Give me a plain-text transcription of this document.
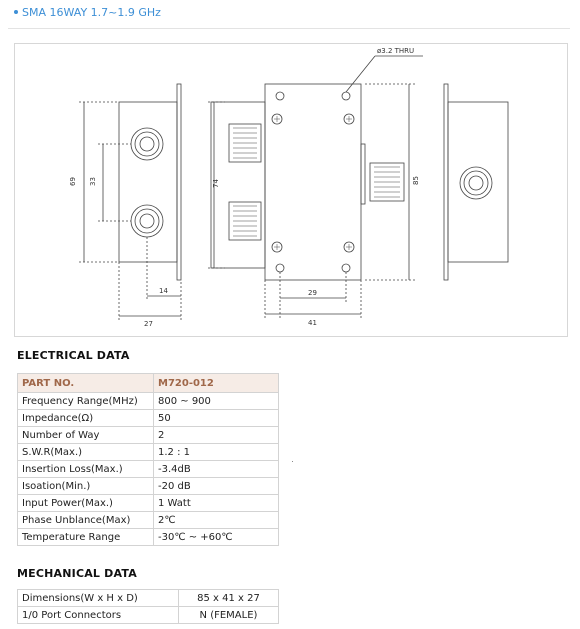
SMA 16WAY 1.7~1.9 GHz
ø3.2 THRU
69 33
14
27
74	85
29
41
ELECTRICAL DATA
PART NO.	M720-012
Frequency Range(MHz)	800 ~ 900
Impedance(Ω)	50
Number of Way	2
S.W.R(Max.)	1.2 : 1
Insertion Loss(Max.)	-3.4dB
Isoation(Min.)	-20 dB
Input Power(Max.)	1 Watt
Phase Unblance(Max)	2℃
Temperature Range	-30℃ ~ +60℃
MECHANICAL DATA
Dimensions(W x H x D)	85 x 41 x 27
1/0 Port Connectors	N (FEMALE)
